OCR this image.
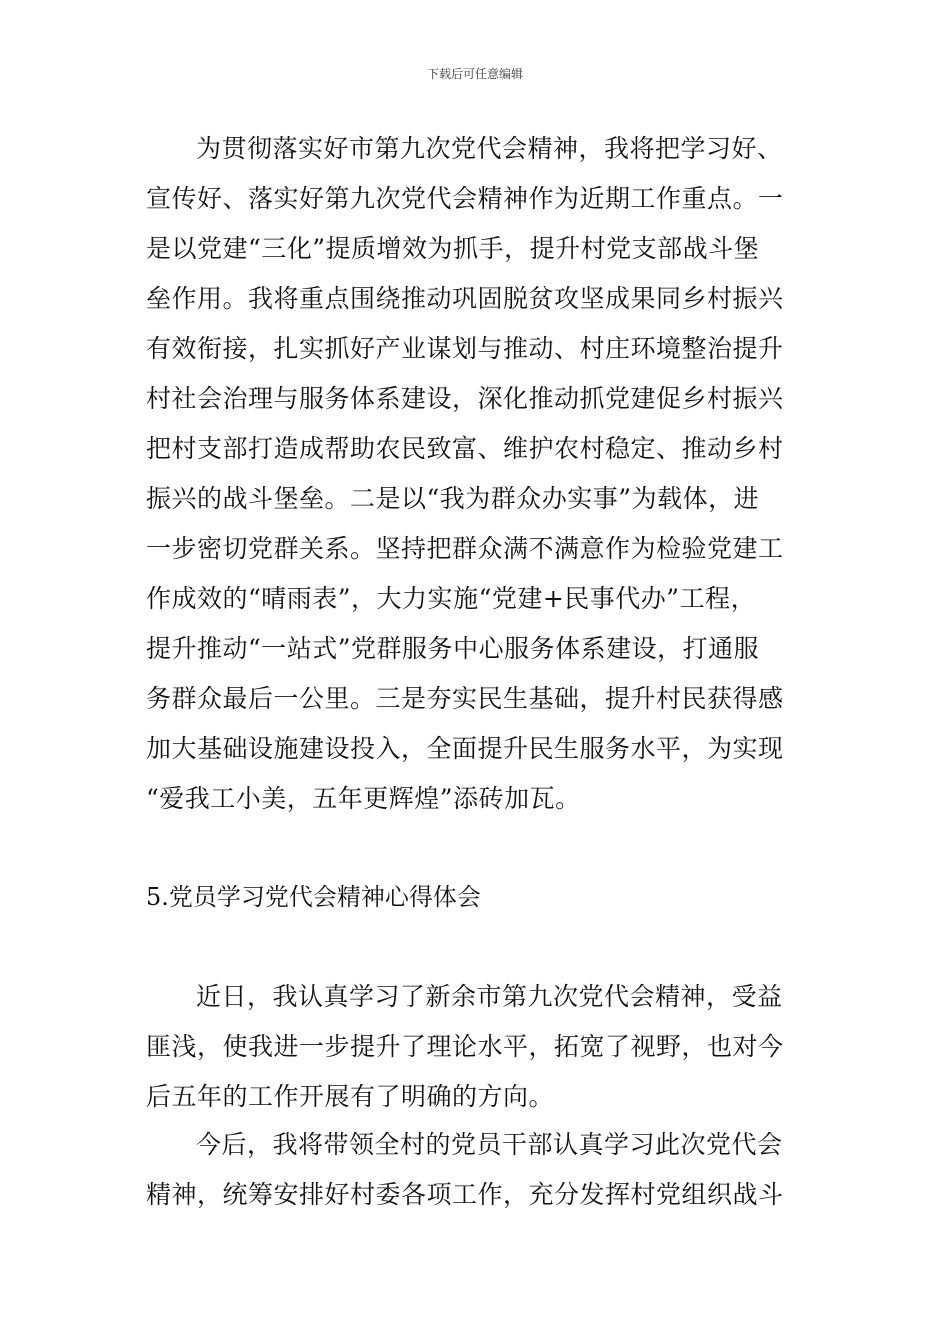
下载后可任意编辑
为贯彻落实好市第九次党代会精神，我将把学习好、
宣传好、落实好第九次党代会精神作为近期工作重点。一
是以党建“三化”提质增效为抓手，提升村党支部战斗堡
垒作用。我将重点围绕推动巩固脱贫攻坚成果同乡村振兴
有效衔接，扎实抓好产业谋划与推动、村庄环境整治提升
村社会治理与服务体系建设，深化推动抓党建促乡村振兴
把村支部打造成帮助农民致富、维护农村稳定、推动乡村
振兴的战斗堡垒。二是以“我为群众办实事”为载体，进
一步密切党群关系。坚持把群众满不满意作为检验党建工
作成效的“晴雨表”，大力实施“党建+民事代办”工程，
提升推动“一站式”党群服务中心服务体系建设，打通服
务群众最后一公里。三是夯实民生基础，提升村民获得感
加大基础设施建设投入，全面提升民生服务水平，为实现
“爱我工小美，五年更辉煌”添砖加瓦。
5.党员学习党代会精神心得体会
近日，我认真学习了新余市第九次党代会精神，受益
匪浅，使我进一步提升了理论水平，拓宽了视野，也对今
后五年的工作开展有了明确的方向。
今后，我将带领全村的党员干部认真学习此次党代会
精神，统筹安排好村委各项工作，充分发挥村党组织战斗
